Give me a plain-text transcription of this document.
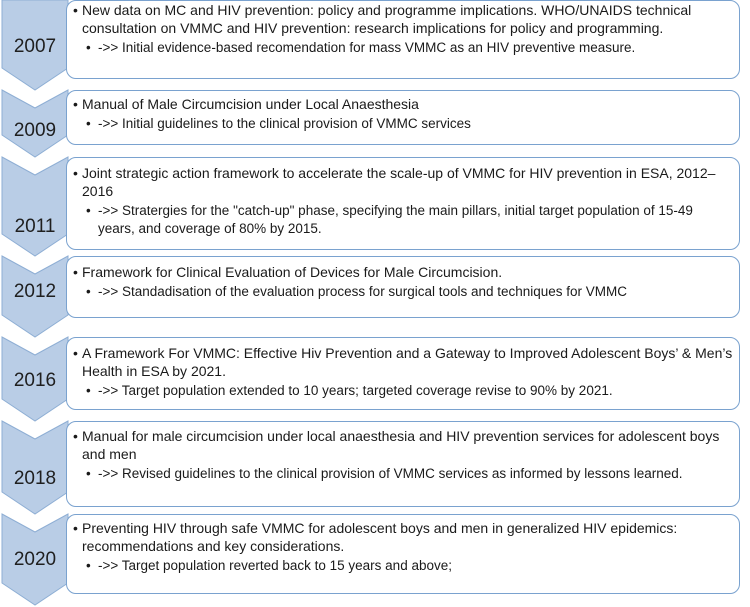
2007

• New data on MC and HIV prevention: policy and programme implications. WHO/UNAIDS technical consultation on VMMC and HIV prevention: research implications for policy and programming.

• ->> Initial evidence-based recomendation for mass VMMC as an HIV preventive measure.

2009

• Manual of Male Circumcision under Local Anaesthesia

• ->> Initial guidelines to the clinical provision of VMMC services

2011

• Joint strategic action framework to accelerate the scale-up of VMMC for HIV prevention in ESA, 2012–2016

• ->> Stratergies for the "catch-up" phase, specifying the main pillars, initial target population of 15-49 years, and coverage of 80% by 2015.

2012

• Framework for Clinical Evaluation of Devices for Male Circumcision.

• ->> Standadisation of the evaluation process for surgical tools and techniques for VMMC

2016

• A Framework For VMMC: Effective Hiv Prevention and a Gateway to Improved Adolescent Boys’ & Men’s Health in ESA by 2021.

• ->> Target population extended to 10 years; targeted coverage revise to 90% by 2021.

2018

• Manual for male circumcision under local anaesthesia and HIV prevention services for adolescent boys and men

• ->> Revised guidelines to the clinical provision of VMMC services as informed by lessons learned.

2020

• Preventing HIV through safe VMMC for adolescent boys and men in generalized HIV epidemics: recommendations and key considerations.

• ->> Target population reverted back to 15 years and above;
